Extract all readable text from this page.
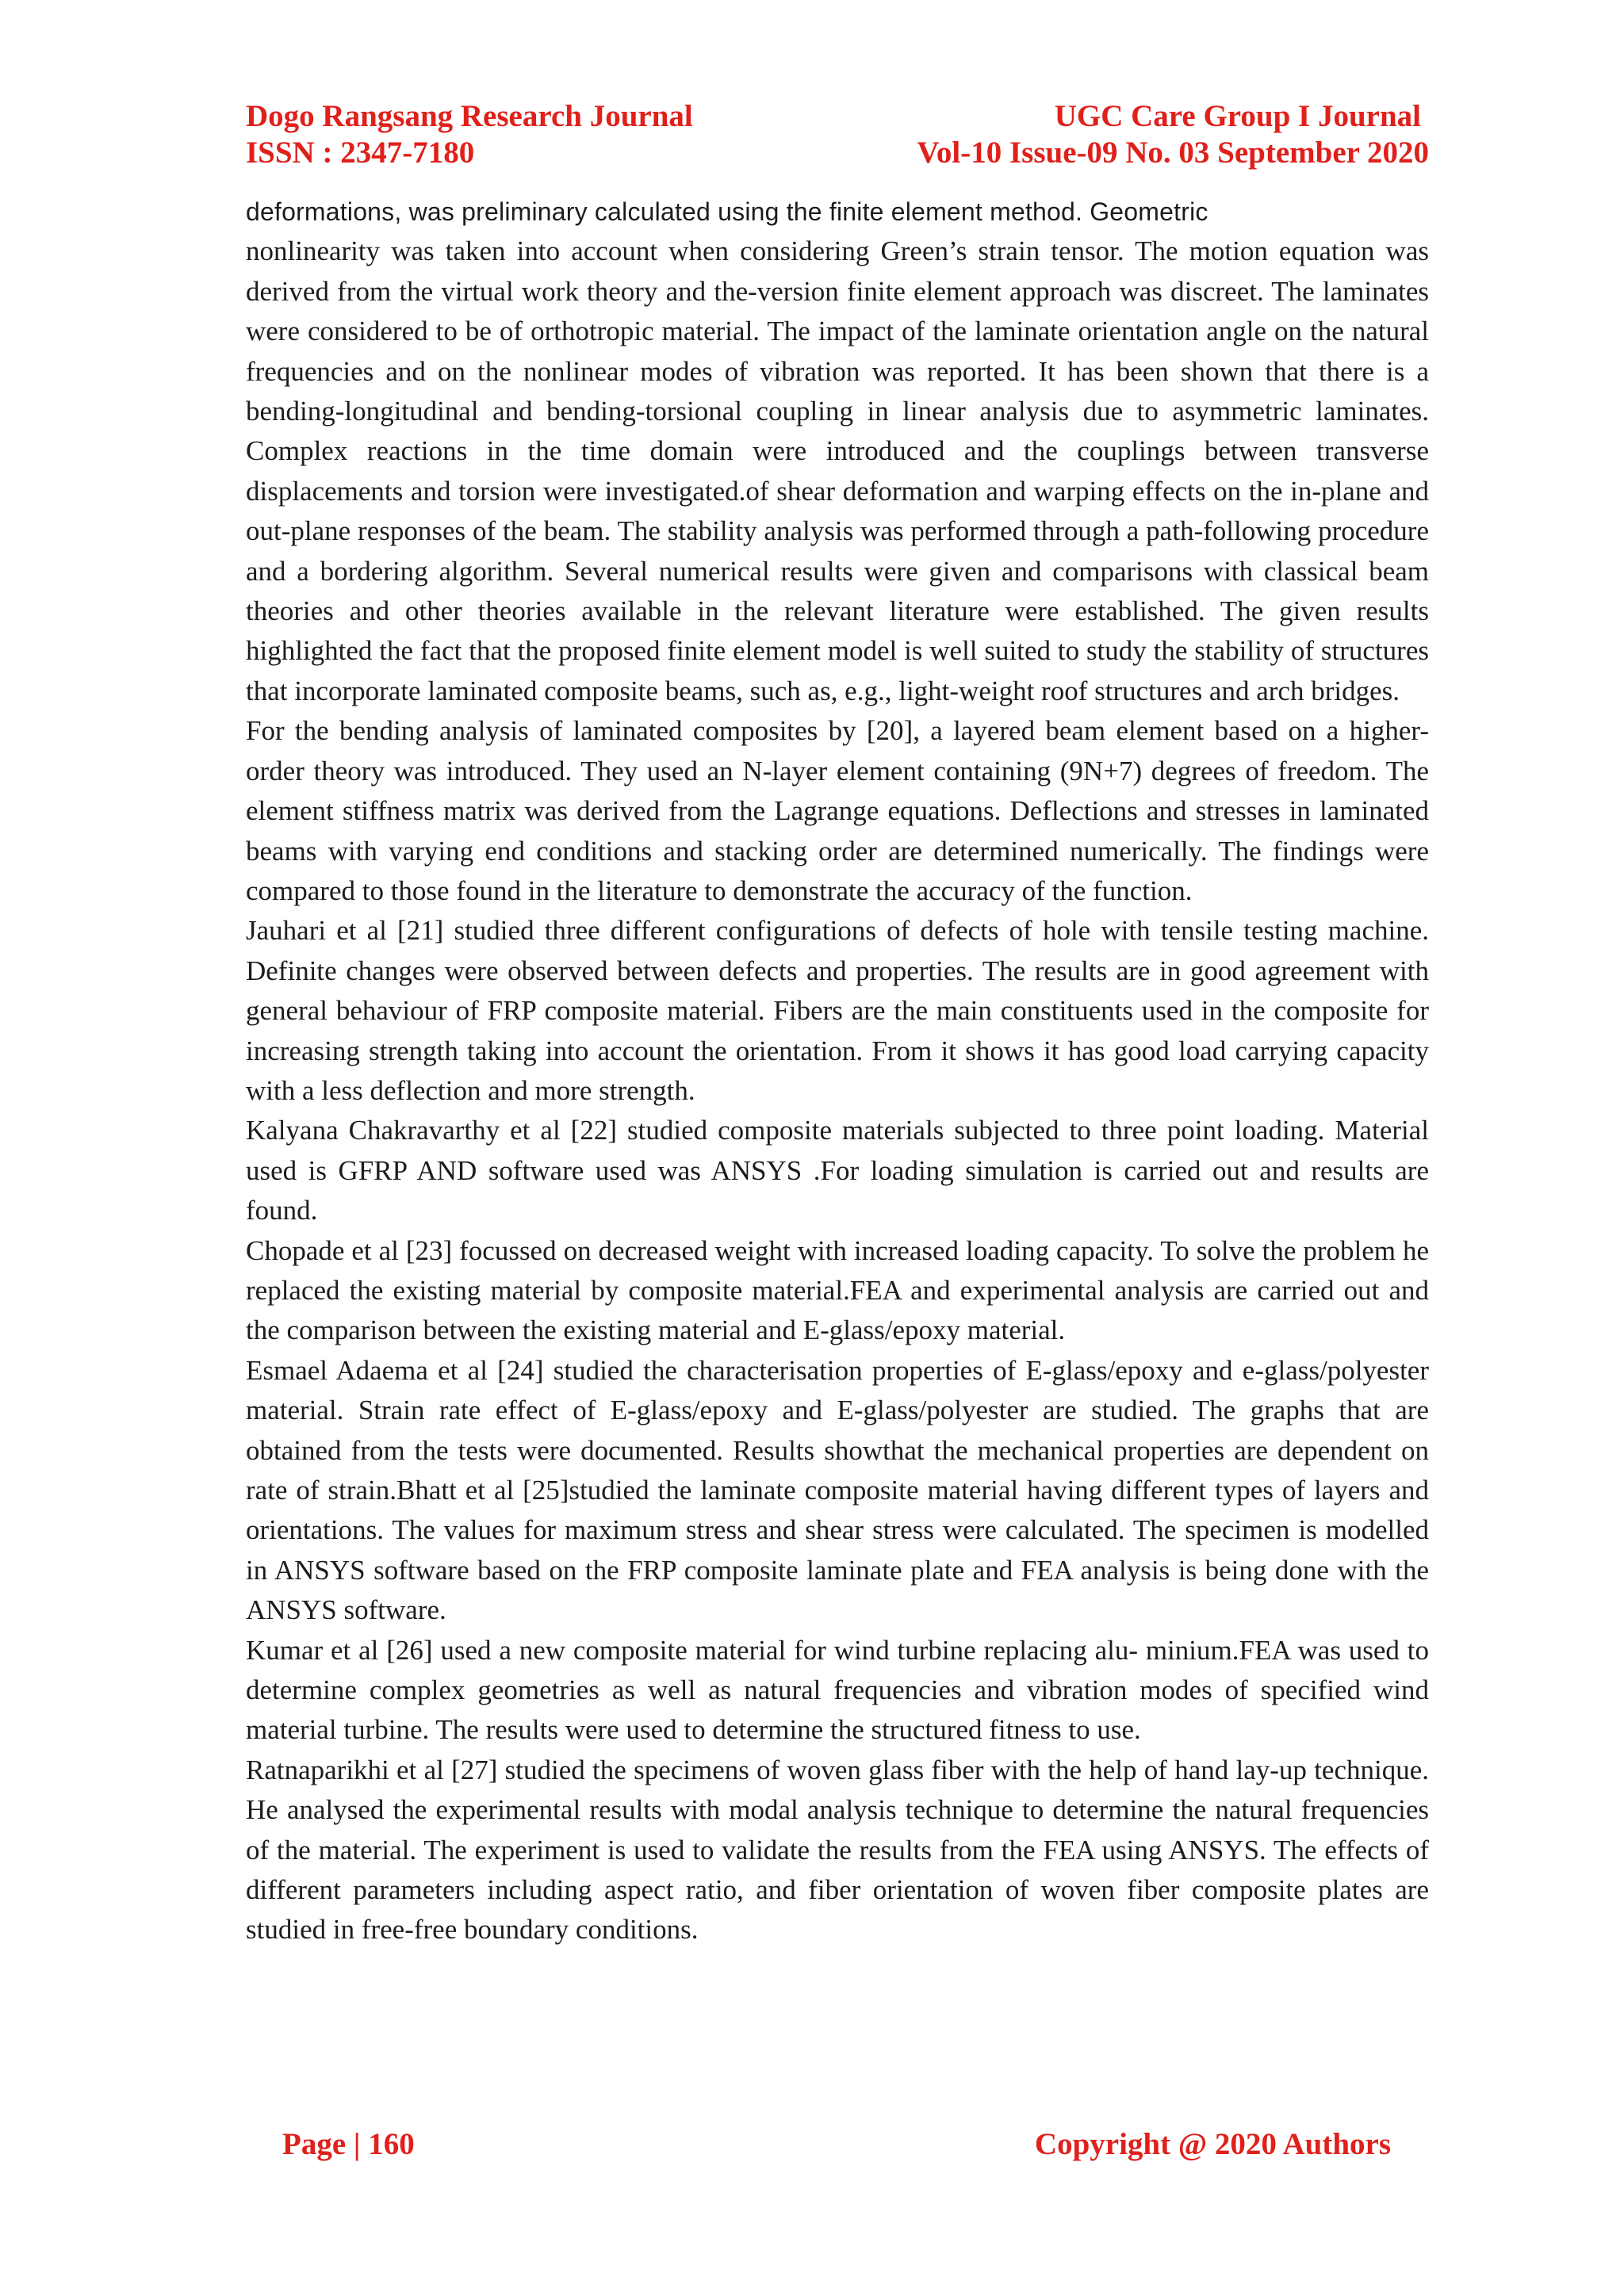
Dogo Rangsang Research Journal	UGC Care Group I Journal
ISSN : 2347-7180	Vol-10 Issue-09 No. 03 September 2020

deformations, was preliminary calculated using the finite element method. Geometric

nonlinearity was taken into account when considering Green’s strain tensor. The motion equation was derived from the virtual work theory and the-version finite element approach was discreet. The laminates were considered to be of orthotropic material. The impact of the laminate orientation angle on the natural frequencies and on the nonlinear modes of vibration was reported. It has been shown that there is a bending-longitudinal and bending-torsional coupling in linear analysis due to asymmetric laminates. Complex reactions in the time domain were introduced and the couplings between transverse displacements and torsion were investigated.of shear deformation and warping effects on the in-plane and out-plane responses of the beam. The stability analysis was performed through a path-following procedure and a bordering algorithm. Several numerical results were given and comparisons with classical beam theories and other theories available in the relevant literature were established. The given results highlighted the fact that the proposed finite element model is well suited to study the stability of structures that incorporate laminated composite beams, such as, e.g., light-weight roof structures and arch bridges.

For the bending analysis of laminated composites by [20], a layered beam element based on a higher-order theory was introduced. They used an N-layer element containing (9N+7) degrees of freedom. The element stiffness matrix was derived from the Lagrange equations. Deflections and stresses in laminated beams with varying end conditions and stacking order are determined numerically. The findings were compared to those found in the literature to demonstrate the accuracy of the function.

Jauhari et al [21] studied three different configurations of defects of hole with tensile testing machine. Definite changes were observed between defects and properties. The results are in good agreement with general behaviour of FRP composite material. Fibers are the main constituents used in the composite for increasing strength taking into account the orientation. From it shows it has good load carrying capacity with a less deflection and more strength.

Kalyana Chakravarthy et al [22] studied composite materials subjected to three point loading. Material used is GFRP AND software used was ANSYS .For loading simulation is carried out and results are found.

Chopade et al [23] focussed on decreased weight with increased loading capacity. To solve the problem he replaced the existing material by composite material.FEA and experimental analysis are carried out and the comparison between the existing material and E-glass/epoxy material.

Esmael Adaema et al [24] studied the characterisation properties of E-glass/epoxy and e-glass/polyester material. Strain rate effect of E-glass/epoxy and E-glass/polyester are studied. The graphs that are obtained from the tests were documented. Results showthat the mechanical properties are dependent on rate of strain.Bhatt et al [25]studied the laminate composite material having different types of layers and orientations. The values for maximum stress and shear stress were calculated. The specimen is modelled in ANSYS software based on the FRP composite laminate plate and FEA analysis is being done with the ANSYS software.

Kumar et al [26] used a new composite material for wind turbine replacing alu- minium.FEA was used to determine complex geometries as well as natural frequencies and vibration modes of specified wind material turbine. The results were used to determine the structured fitness to use.

Ratnaparikhi et al [27] studied the specimens of woven glass fiber with the help of hand lay-up technique. He analysed the experimental results with modal analysis technique to determine the natural frequencies of the material. The experiment is used to validate the results from the FEA using ANSYS. The effects of different parameters including aspect ratio, and fiber orientation of woven fiber composite plates are studied in free-free boundary conditions.

Page | 160	Copyright @ 2020 Authors
